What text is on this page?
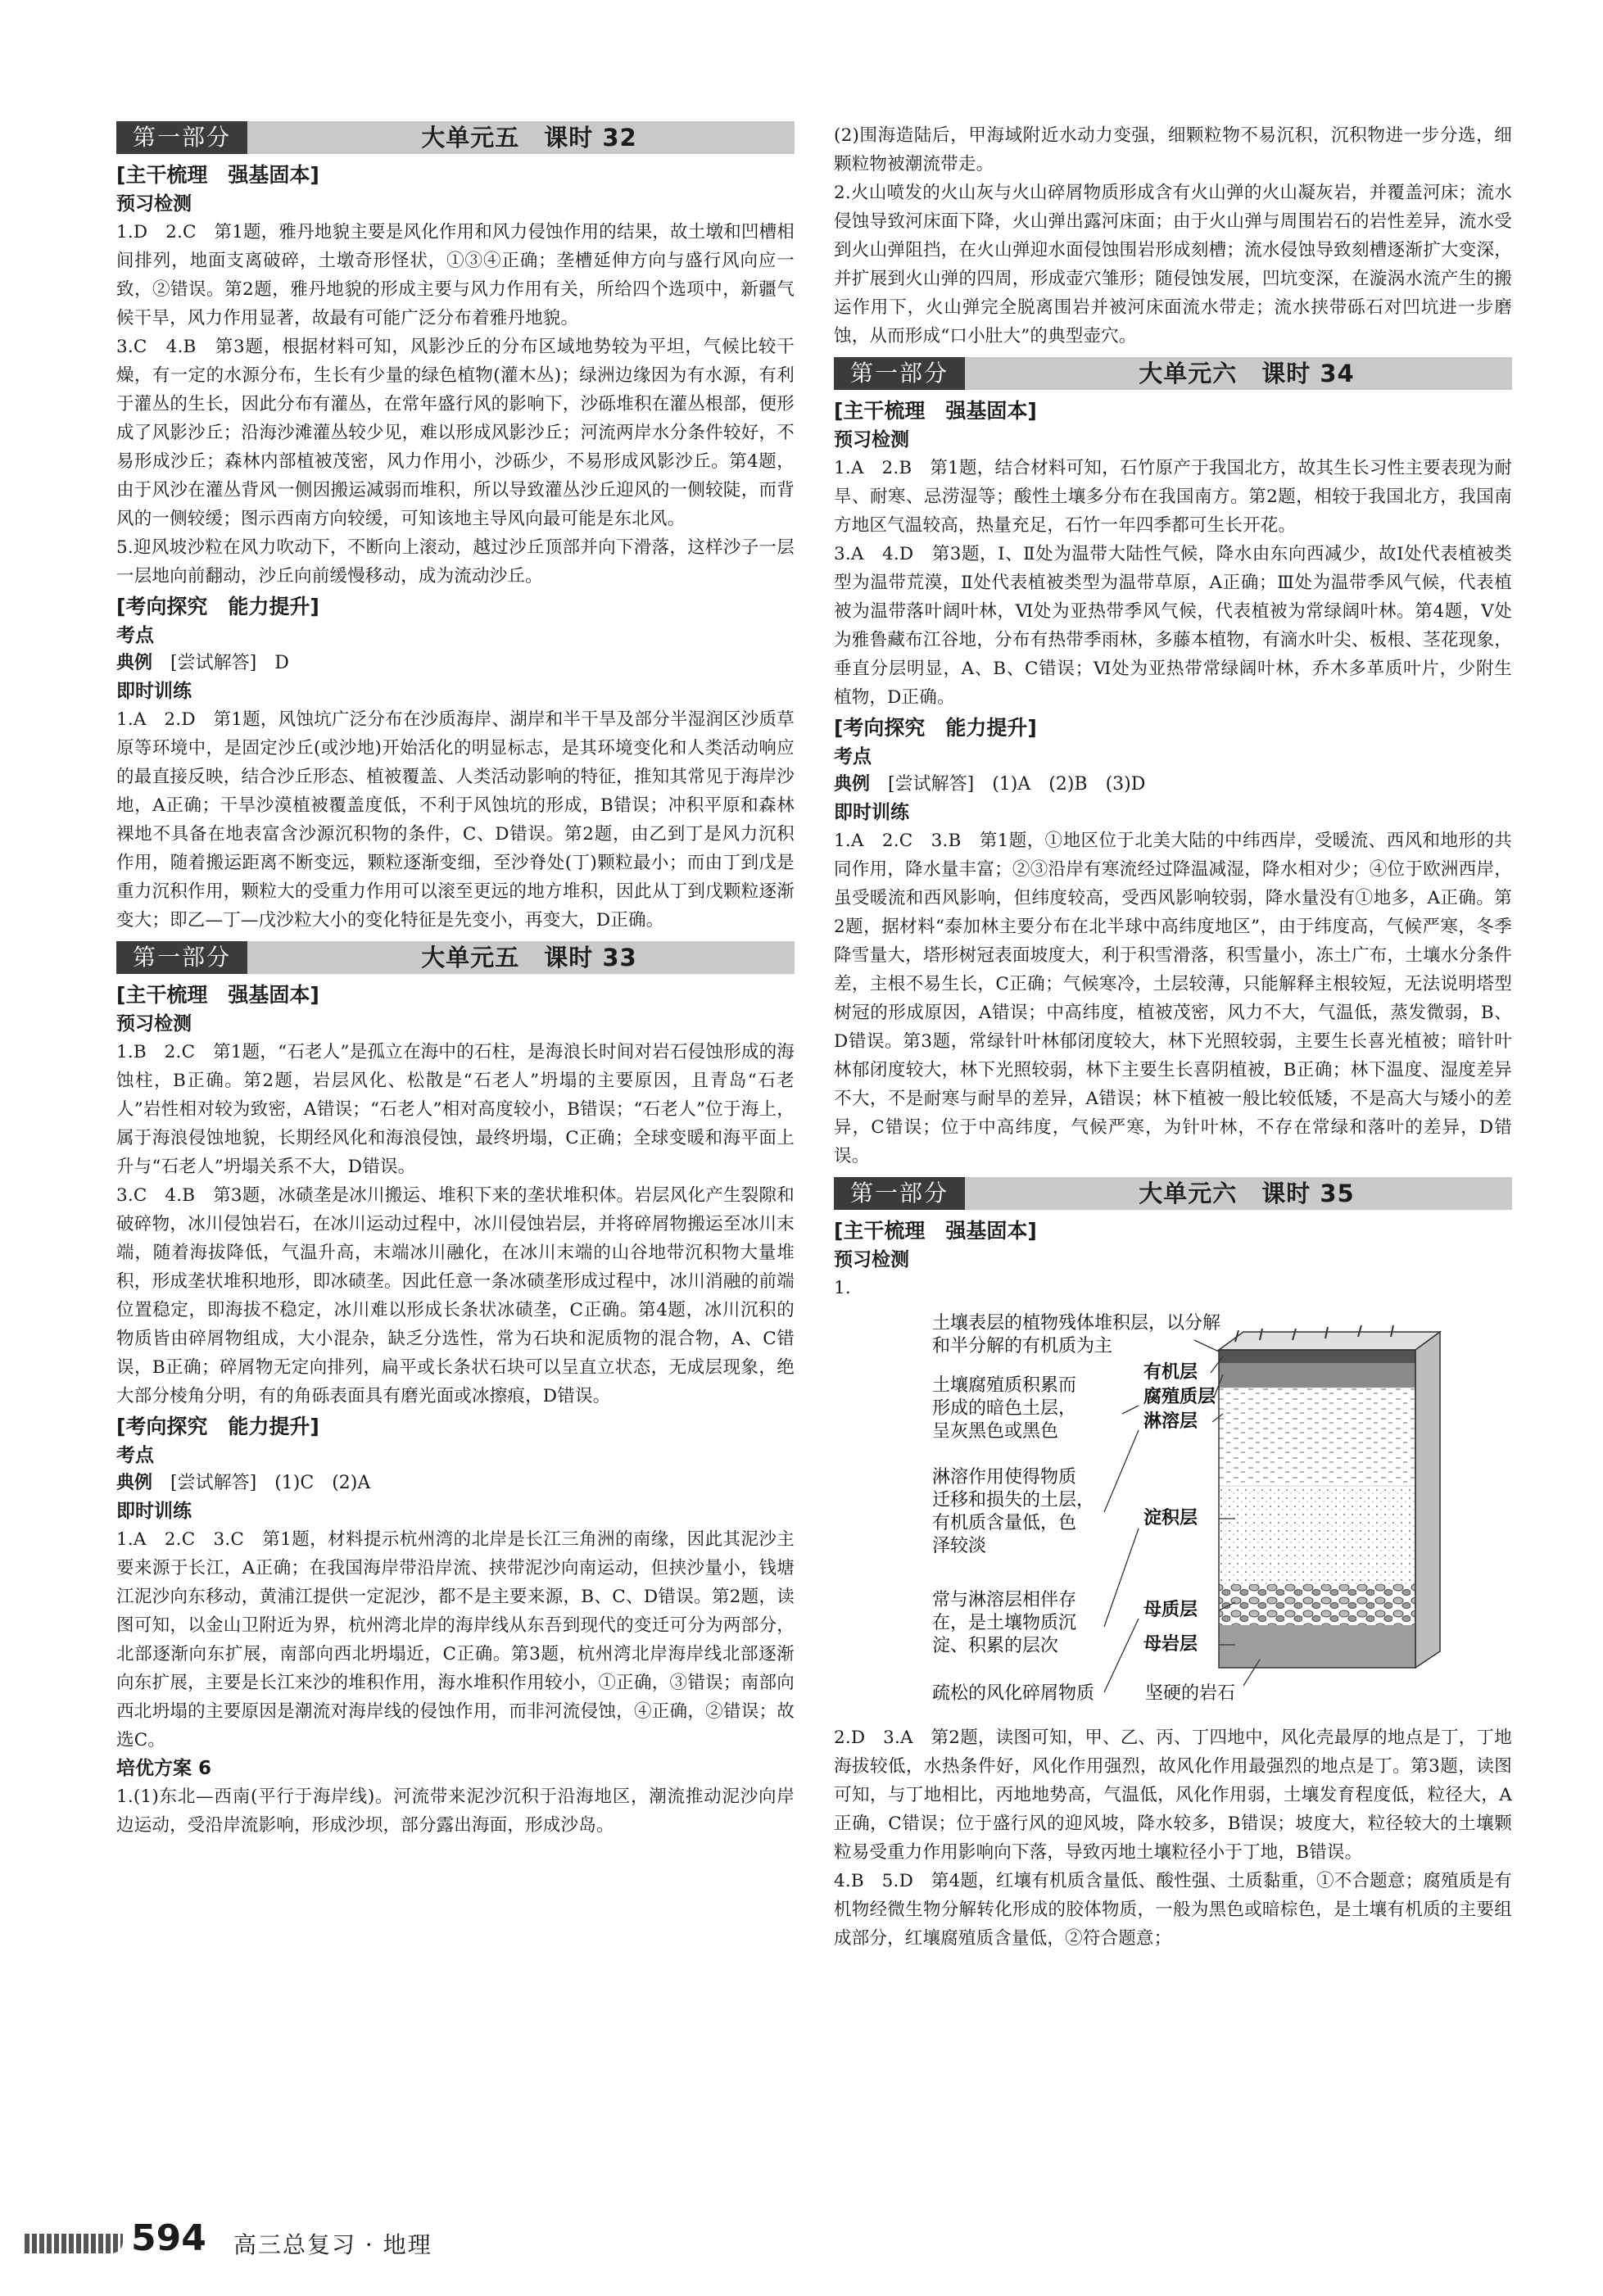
第一部分	大单元五　课时 32
[主干梳理　强基固本]
预习检测
1.D　2.C　第1题，雅丹地貌主要是风化作用和风力侵蚀作用的结果，故土墩和凹槽相间排列，地面支离破碎，土墩奇形怪状，①③④正确；垄槽延伸方向与盛行风向应一致，②错误。第2题，雅丹地貌的形成主要与风力作用有关，所给四个选项中，新疆气候干旱，风力作用显著，故最有可能广泛分布着雅丹地貌。
3.C　4.B　第3题，根据材料可知，风影沙丘的分布区域地势较为平坦，气候比较干燥，有一定的水源分布，生长有少量的绿色植物(灌木丛)；绿洲边缘因为有水源，有利于灌丛的生长，因此分布有灌丛，在常年盛行风的影响下，沙砾堆积在灌丛根部，便形成了风影沙丘；沿海沙滩灌丛较少见，难以形成风影沙丘；河流两岸水分条件较好，不易形成沙丘；森林内部植被茂密，风力作用小，沙砾少，不易形成风影沙丘。第4题，由于风沙在灌丛背风一侧因搬运减弱而堆积，所以导致灌丛沙丘迎风的一侧较陡，而背风的一侧较缓；图示西南方向较缓，可知该地主导风向最可能是东北风。
5.迎风坡沙粒在风力吹动下，不断向上滚动，越过沙丘顶部并向下滑落，这样沙子一层一层地向前翻动，沙丘向前缓慢移动，成为流动沙丘。
[考向探究　能力提升]
考点
典例　 [尝试解答]　 D
即时训练
1.A　2.D　第1题，风蚀坑广泛分布在沙质海岸、湖岸和半干旱及部分半湿润区沙质草原等环境中，是固定沙丘(或沙地)开始活化的明显标志，是其环境变化和人类活动响应的最直接反映，结合沙丘形态、植被覆盖、人类活动影响的特征，推知其常见于海岸沙地，A正确；干旱沙漠植被覆盖度低，不利于风蚀坑的形成，B错误；冲积平原和森林裸地不具备在地表富含沙源沉积物的条件，C、D错误。第2题，由乙到丁是风力沉积作用，随着搬运距离不断变远，颗粒逐渐变细，至沙脊处(丁)颗粒最小；而由丁到戊是重力沉积作用，颗粒大的受重力作用可以滚至更远的地方堆积，因此从丁到戊颗粒逐渐变大；即乙—丁—戊沙粒大小的变化特征是先变小，再变大，D正确。
第一部分	大单元五　课时 33
[主干梳理　强基固本]
预习检测
1.B　2.C　第1题，“石老人”是孤立在海中的石柱，是海浪长时间对岩石侵蚀形成的海蚀柱，B正确。第2题，岩层风化、松散是“石老人”坍塌的主要原因，且青岛“石老人”岩性相对较为致密，A错误；“石老人”相对高度较小，B错误；“石老人”位于海上，属于海浪侵蚀地貌，长期经风化和海浪侵蚀，最终坍塌，C正确；全球变暖和海平面上升与“石老人”坍塌关系不大，D错误。
3.C　4.B　第3题，冰碛垄是冰川搬运、堆积下来的垄状堆积体。岩层风化产生裂隙和破碎物，冰川侵蚀岩石，在冰川运动过程中，冰川侵蚀岩层，并将碎屑物搬运至冰川末端，随着海拔降低，气温升高，末端冰川融化，在冰川末端的山谷地带沉积物大量堆积，形成垄状堆积地形，即冰碛垄。因此任意一条冰碛垄形成过程中，冰川消融的前端位置稳定，即海拔不稳定，冰川难以形成长条状冰碛垄，C正确。第4题，冰川沉积的物质皆由碎屑物组成，大小混杂，缺乏分选性，常为石块和泥质物的混合物，A、C错误，B正确；碎屑物无定向排列，扁平或长条状石块可以呈直立状态，无成层现象，绝大部分棱角分明，有的角砾表面具有磨光面或冰擦痕，D错误。
[考向探究　能力提升]
考点
典例　 [尝试解答]　 (1)C　(2)A
即时训练
1.A　2.C　3.C　第1题，材料提示杭州湾的北岸是长江三角洲的南缘，因此其泥沙主要来源于长江，A正确；在我国海岸带沿岸流、挟带泥沙向南运动，但挟沙量小，钱塘江泥沙向东移动，黄浦江提供一定泥沙，都不是主要来源，B、C、D错误。第2题，读图可知，以金山卫附近为界，杭州湾北岸的海岸线从东吾到现代的变迁可分为两部分，北部逐渐向东扩展，南部向西北坍塌近，C正确。第3题，杭州湾北岸海岸线北部逐渐向东扩展，主要是长江来沙的堆积作用，海水堆积作用较小，①正确，③错误；南部向西北坍塌的主要原因是潮流对海岸线的侵蚀作用，而非河流侵蚀，④正确，②错误；故选C。
培优方案 6
1.(1)东北—西南(平行于海岸线)。河流带来泥沙沉积于沿海地区，潮流推动泥沙向岸边运动，受沿岸流影响，形成沙坝，部分露出海面，形成沙岛。
(2)围海造陆后，甲海域附近水动力变强，细颗粒物不易沉积，沉积物进一步分选，细颗粒物被潮流带走。
2.火山喷发的火山灰与火山碎屑物质形成含有火山弹的火山凝灰岩，并覆盖河床；流水侵蚀导致河床面下降，火山弹出露河床面；由于火山弹与周围岩石的岩性差异，流水受到火山弹阻挡，在火山弹迎水面侵蚀围岩形成刻槽；流水侵蚀导致刻槽逐渐扩大变深，并扩展到火山弹的四周，形成壶穴雏形；随侵蚀发展，凹坑变深，在漩涡水流产生的搬运作用下，火山弹完全脱离围岩并被河床面流水带走；流水挟带砾石对凹坑进一步磨蚀，从而形成“口小肚大”的典型壶穴。
第一部分	大单元六　课时 34
[主干梳理　强基固本]
预习检测
1.A　2.B　第1题，结合材料可知，石竹原产于我国北方，故其生长习性主要表现为耐旱、耐寒、忌涝湿等；酸性土壤多分布在我国南方。第2题，相较于我国北方，我国南方地区气温较高，热量充足，石竹一年四季都可生长开花。
3.A　4.D　第3题，Ⅰ、Ⅱ处为温带大陆性气候，降水由东向西减少，故Ⅰ处代表植被类型为温带荒漠，Ⅱ处代表植被类型为温带草原，A正确；Ⅲ处为温带季风气候，代表植被为温带落叶阔叶林，Ⅵ处为亚热带季风气候，代表植被为常绿阔叶林。第4题，Ⅴ处为雅鲁藏布江谷地，分布有热带季雨林，多藤本植物，有滴水叶尖、板根、茎花现象，垂直分层明显，A、B、C错误；Ⅵ处为亚热带常绿阔叶林，乔木多革质叶片，少附生植物，D正确。
[考向探究　能力提升]
考点
典例　 [尝试解答]　 (1)A　(2)B　(3)D
即时训练
1.A　2.C　3.B　第1题，①地区位于北美大陆的中纬西岸，受暖流、西风和地形的共同作用，降水量丰富；②③沿岸有寒流经过降温减湿，降水相对少；④位于欧洲西岸，虽受暖流和西风影响，但纬度较高，受西风影响较弱，降水量没有①地多，A正确。第2题，据材料“泰加林主要分布在北半球中高纬度地区”，由于纬度高，气候严寒，冬季降雪量大，塔形树冠表面坡度大，利于积雪滑落，积雪量小，冻土广布，土壤水分条件差，主根不易生长，C正确；气候寒冷，土层较薄，只能解释主根较短，无法说明塔型树冠的形成原因，A错误；中高纬度，植被茂密，风力不大，气温低，蒸发微弱，B、D错误。第3题，常绿针叶林郁闭度较大，林下光照较弱，主要生长喜光植被；暗针叶林郁闭度较大，林下光照较弱，林下主要生长喜阴植被，B正确；林下温度、湿度差异不大，不是耐寒与耐旱的差异，A错误；林下植被一般比较低矮，不是高大与矮小的差异，C错误；位于中高纬度，气候严寒，为针叶林，不存在常绿和落叶的差异，D错误。
第一部分	大单元六　课时 35
[主干梳理　强基固本]
预习检测
1.
土壤表层的植物残体堆积层，以分解
和半分解的有机质为主
土壤腐殖质积累而
形成的暗色土层，
呈灰黑色或黑色
淋溶作用使得物质
迁移和损失的土层，
有机质含量低，色
泽较淡
常与淋溶层相伴存
在，是土壤物质沉
淀、积累的层次
疏松的风化碎屑物质	坚硬的岩石
有机层
腐殖质层
淋溶层
淀积层
母质层
母岩层
2.D　3.A　第2题，读图可知，甲、乙、丙、丁四地中，风化壳最厚的地点是丁，丁地海拔较低，水热条件好，风化作用强烈，故风化作用最强烈的地点是丁。第3题，读图可知，与丁地相比，丙地地势高，气温低，风化作用弱，土壤发育程度低，粒径大，A正确，C错误；位于盛行风的迎风坡，降水较多，B错误；坡度大，粒径较大的土壤颗粒易受重力作用影响向下落，导致丙地土壤粒径小于丁地，B错误。
4.B　5.D　第4题，红壤有机质含量低、酸性强、土质黏重，①不合题意；腐殖质是有机物经微生物分解转化形成的胶体物质，一般为黑色或暗棕色，是土壤有机质的主要组成部分，红壤腐殖质含量低，②符合题意；
594 高三总复习 · 地理
